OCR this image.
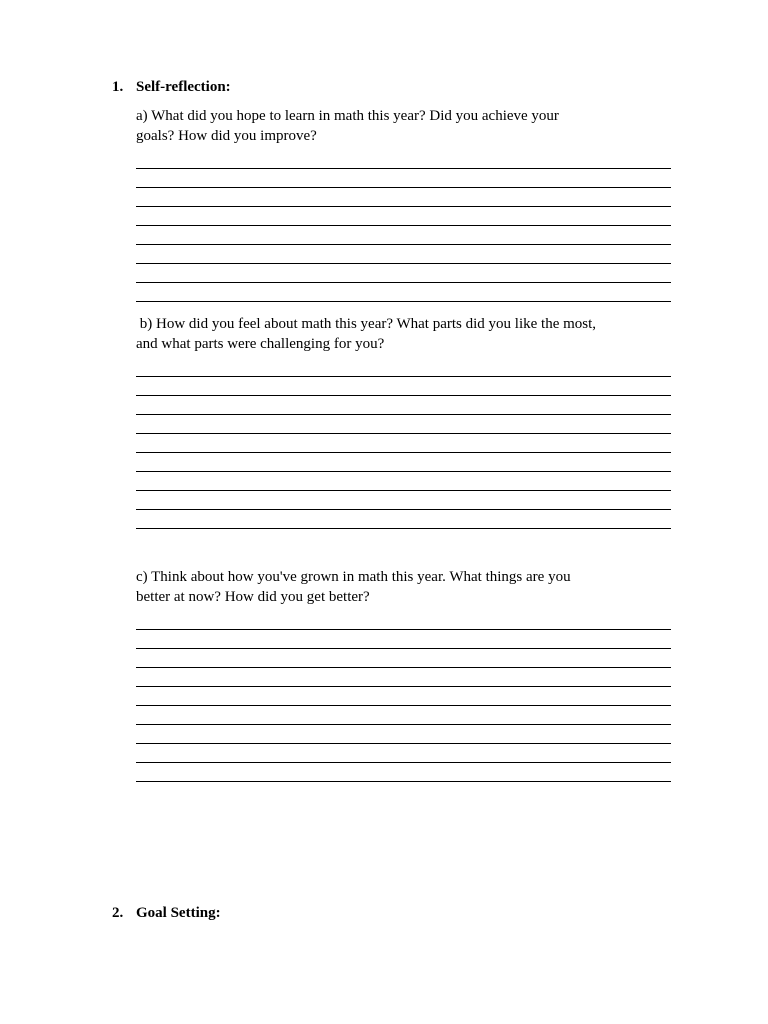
1. Self-reflection:
a) What did you hope to learn in math this year? Did you achieve your
goals? How did you improve?
b) How did you feel about math this year? What parts did you like the most,
and what parts were challenging for you?
c) Think about how you've grown in math this year. What things are you
better at now? How did you get better?
2. Goal Setting:
